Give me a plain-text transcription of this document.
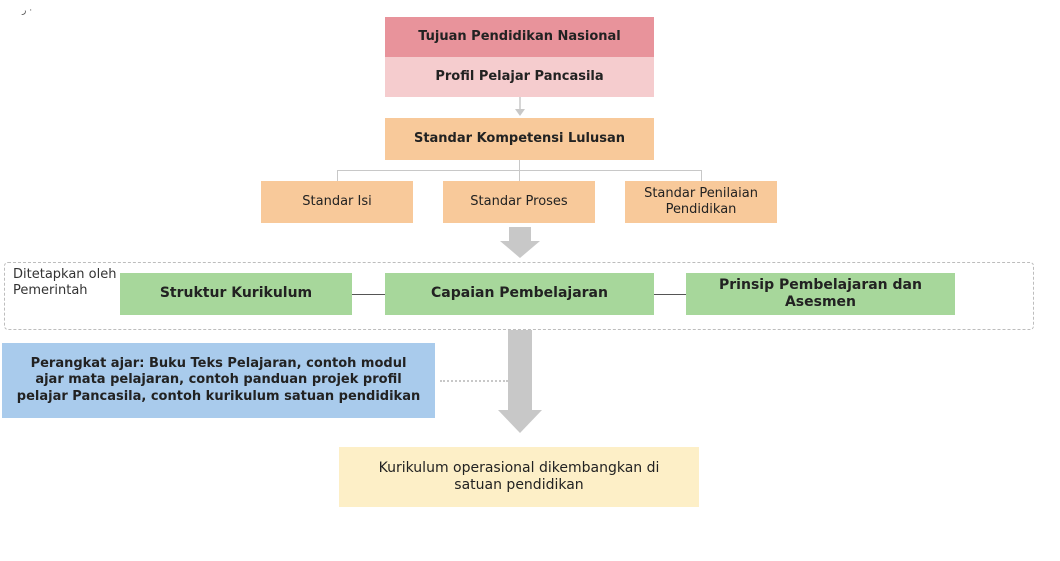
ر‌ ·
Tujuan Pendidikan Nasional
Profil Pelajar Pancasila
Standar Kompetensi Lulusan
Standar Isi	Standar Proses
Standar Penilaian Pendidikan
Ditetapkan oleh Pemerintah	Struktur Kurikulum	Capaian Pembelajaran
Prinsip Pembelajaran dan Asesmen
Perangkat ajar: Buku Teks Pelajaran, contoh modul ajar mata pelajaran, contoh panduan projek profil pelajar Pancasila, contoh kurikulum satuan pendidikan
Kurikulum operasional dikembangkan di satuan pendidikan
